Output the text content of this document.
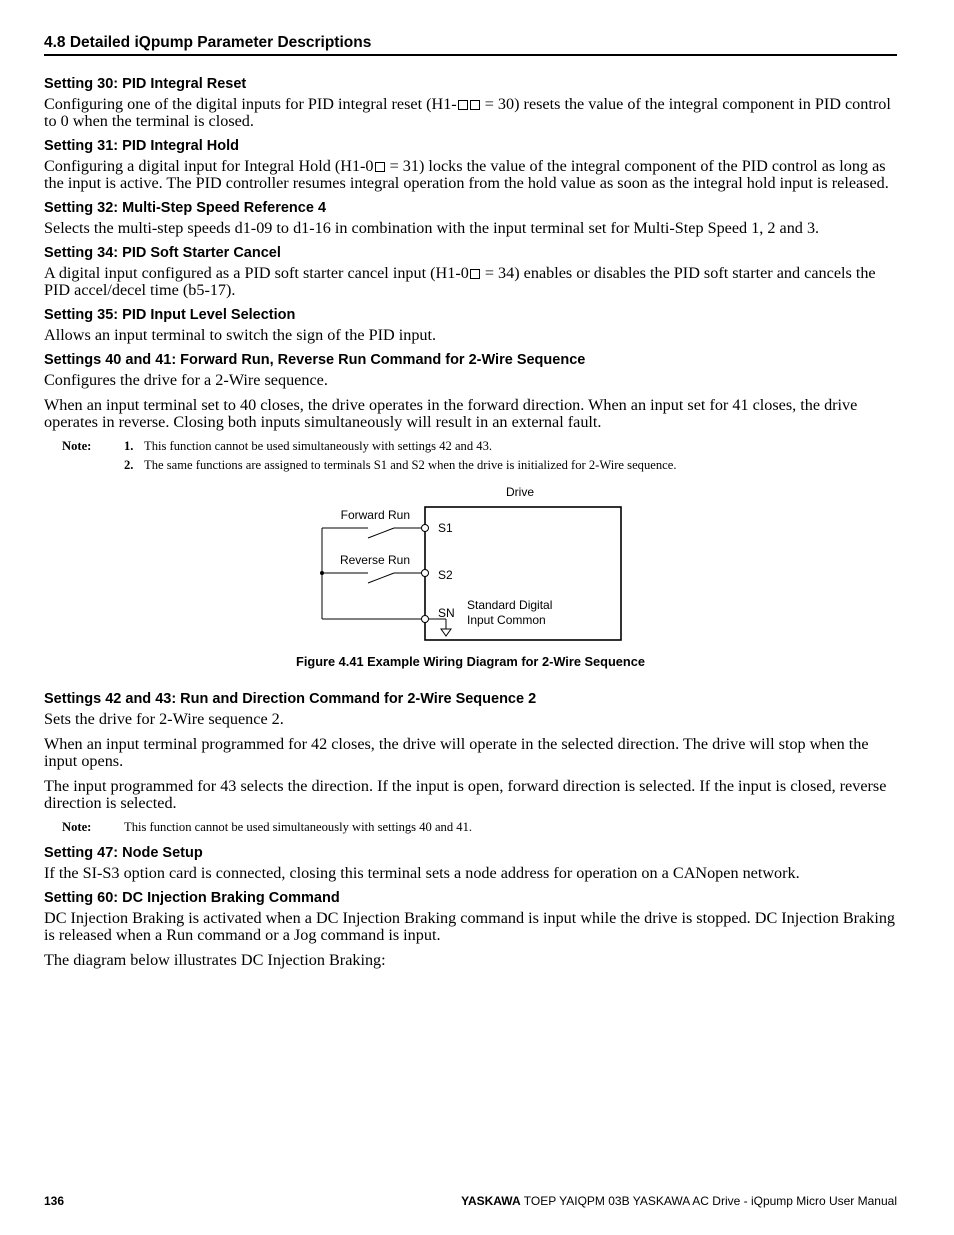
4.8 Detailed iQpump Parameter Descriptions
Setting 30: PID Integral Reset

Configuring one of the digital inputs for PID integral reset (H1- = 30) resets the value of the integral component in PID control to 0 when the terminal is closed.

Setting 31: PID Integral Hold

Configuring a digital input for Integral Hold (H1-0 = 31) locks the value of the integral component of the PID control as long as the input is active. The PID controller resumes integral operation from the hold value as soon as the integral hold input is released.

Setting 32: Multi-Step Speed Reference 4

Selects the multi-step speeds d1-09 to d1-16 in combination with the input terminal set for Multi-Step Speed 1, 2 and 3.

Setting 34: PID Soft Starter Cancel

A digital input configured as a PID soft starter cancel input (H1-0 = 34) enables or disables the PID soft starter and cancels the PID accel/decel time (b5-17).

Setting 35: PID Input Level Selection

Allows an input terminal to switch the sign of the PID input.

Settings 40 and 41: Forward Run, Reverse Run Command for 2-Wire Sequence

Configures the drive for a 2-Wire sequence.

When an input terminal set to 40 closes, the drive operates in the forward direction. When an input set for 41 closes, the drive operates in reverse. Closing both inputs simultaneously will result in an external fault.

Note:	1. This function cannot be used simultaneously with settings 42 and 43.
2. The same functions are assigned to terminals S1 and S2 when the drive is initialized for 2-Wire sequence.
Drive
Forward Run
Reverse Run
S1
S2
SN
Standard Digital
Input Common
Figure 4.41 Example Wiring Diagram for 2-Wire Sequence
Settings 42 and 43: Run and Direction Command for 2-Wire Sequence 2

Sets the drive for 2-Wire sequence 2.

When an input terminal programmed for 42 closes, the drive will operate in the selected direction. The drive will stop when the input opens.

The input programmed for 43 selects the direction. If the input is open, forward direction is selected. If the input is closed, reverse direction is selected.

Note:	This function cannot be used simultaneously with settings 40 and 41.
Setting 47: Node Setup

If the SI-S3 option card is connected, closing this terminal sets a node address for operation on a CANopen network.

Setting 60: DC Injection Braking Command

DC Injection Braking is activated when a DC Injection Braking command is input while the drive is stopped. DC Injection Braking is released when a Run command or a Jog command is input.

The diagram below illustrates DC Injection Braking:

136	YASKAWA TOEP YAIQPM 03B YASKAWA AC Drive - iQpump Micro User Manual
